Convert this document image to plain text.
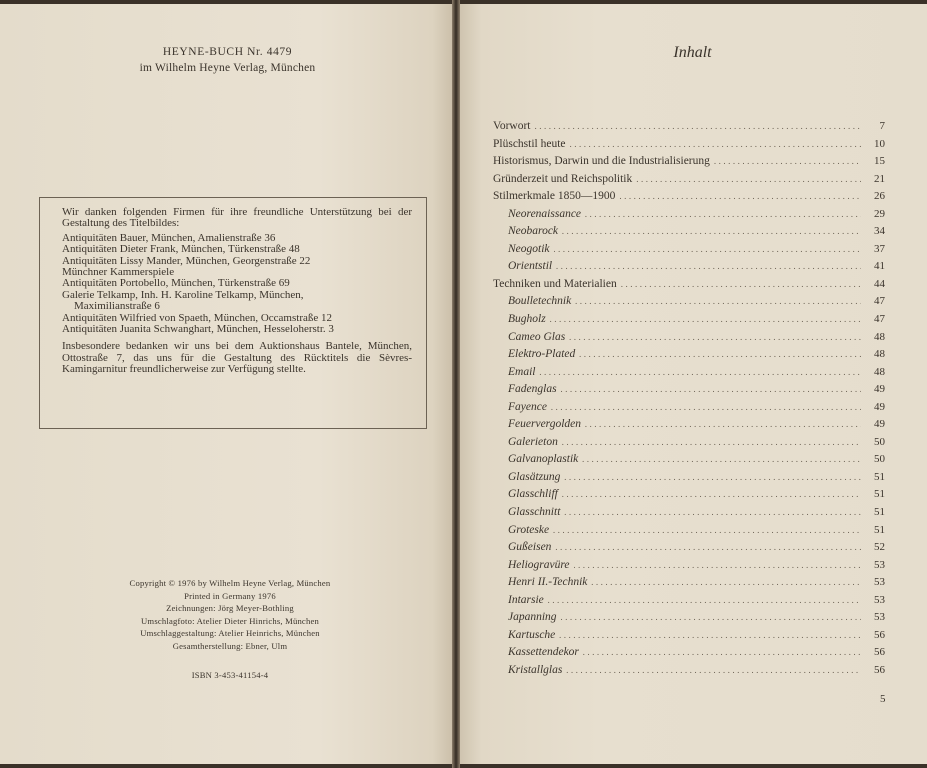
HEYNE-BUCH Nr. 4479
im Wilhelm Heyne Verlag, München

Wir danken folgenden Firmen für ihre freundliche Unterstützung bei der Gestaltung des Titelbildes:

Antiquitäten Bauer, München, Amalienstraße 36

Antiquitäten Dieter Frank, München, Türkenstraße 48

Antiquitäten Lissy Mander, München, Georgenstraße 22

Münchner Kammerspiele

Antiquitäten Portobello, München, Türkenstraße 69

Galerie Telkamp, Inh. H. Karoline Telkamp, München,

Maximilianstraße 6

Antiquitäten Wilfried von Spaeth, München, Occamstraße 12

Antiquitäten Juanita Schwanghart, München, Hesseloherstr. 3

Insbesondere bedanken wir uns bei dem Auktionshaus Bantele, München, Ottostraße 7, das uns für die Gestaltung des Rücktitels die Sèvres-Kamingarnitur freundlicherweise zur Verfügung stellte.

Copyright © 1976 by Wilhelm Heyne Verlag, München
Printed in Germany 1976
Zeichnungen: Jörg Meyer-Bothling
Umschlagfoto: Atelier Dieter Hinrichs, München
Umschlaggestaltung: Atelier Heinrichs, München
Gesamtherstellung: Ebner, Ulm
ISBN 3-453-41154-4
Inhalt
Vorwort .....	7
Plüschstil heute .....	10
Historismus, Darwin und die Industrialisierung .....	15
Gründerzeit und Reichspolitik .....	21
Stilmerkmale 1850—1900 .....	26
Neorenaissance .....	29
Neobarock .....	34
Neogotik .....	37
Orientstil .....	41
Techniken und Materialien .....	44
Boulletechnik .....	47
Bugholz .....	47
Cameo Glas .....	48
Elektro-Plated .....	48
Email .....	48
Fadenglas .....	49
Fayence .....	49
Feuervergolden .....	49
Galerieton .....	50
Galvanoplastik .....	50
Glasätzung .....	51
Glasschliff .....	51
Glasschnitt .....	51
Groteske .....	51
Gußeisen .....	52
Heliogravüre .....	53
Henri II.-Technik .....	53
Intarsie .....	53
Japanning .....	53
Kartusche .....	56
Kassettendekor .....	56
Kristallglas .....	56
5
